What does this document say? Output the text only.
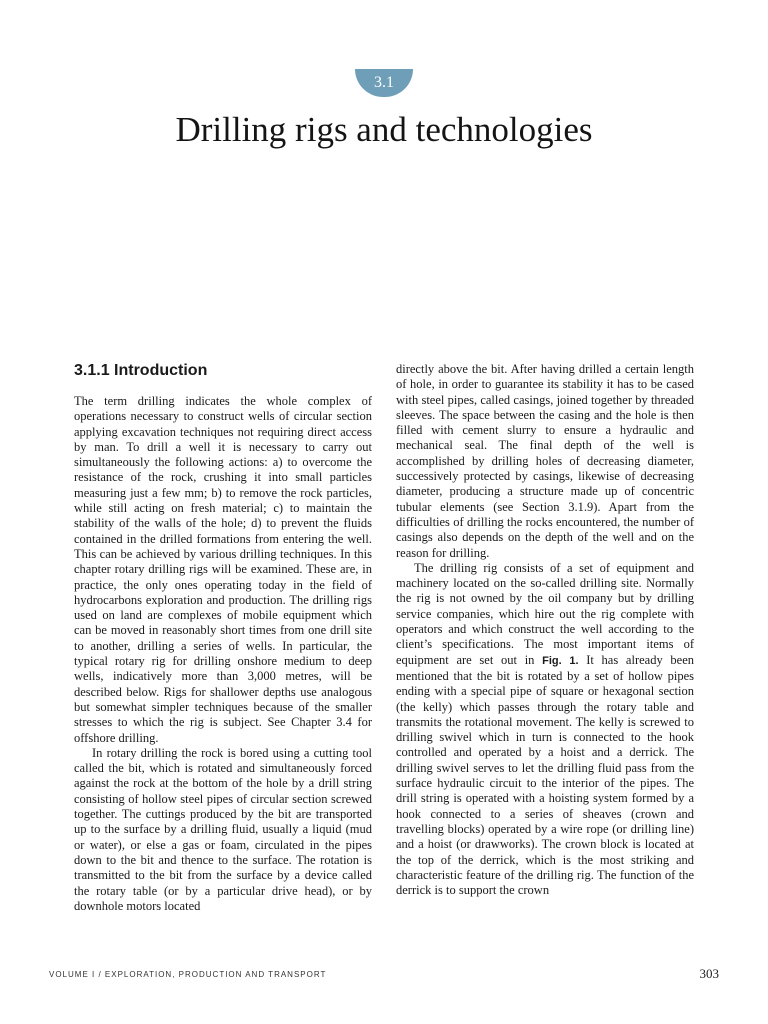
3.1
Drilling rigs and technologies
3.1.1 Introduction

The term drilling indicates the whole complex of operations necessary to construct wells of circular section applying excavation techniques not requiring direct access by man. To drill a well it is necessary to carry out simultaneously the following actions: a) to overcome the resistance of the rock, crushing it into small particles measuring just a few mm; b) to remove the rock particles, while still acting on fresh material; c) to maintain the stability of the walls of the hole; d) to prevent the fluids contained in the drilled formations from entering the well. This can be achieved by various drilling techniques. In this chapter rotary drilling rigs will be examined. These are, in practice, the only ones operating today in the field of hydrocarbons exploration and production. The drilling rigs used on land are complexes of mobile equipment which can be moved in reasonably short times from one drill site to another, drilling a series of wells. In particular, the typical rotary rig for drilling onshore medium to deep wells, indicatively more than 3,000 metres, will be described below. Rigs for shallower depths use analogous but somewhat simpler techniques because of the smaller stresses to which the rig is subject. See Chapter 3.4 for offshore drilling.

In rotary drilling the rock is bored using a cutting tool called the bit, which is rotated and simultaneously forced against the rock at the bottom of the hole by a drill string consisting of hollow steel pipes of circular section screwed together. The cuttings produced by the bit are transported up to the surface by a drilling fluid, usually a liquid (mud or water), or else a gas or foam, circulated in the pipes down to the bit and thence to the surface. The rotation is transmitted to the bit from the surface by a device called the rotary table (or by a particular drive head), or by downhole motors located

directly above the bit. After having drilled a certain length of hole, in order to guarantee its stability it has to be cased with steel pipes, called casings, joined together by threaded sleeves. The space between the casing and the hole is then filled with cement slurry to ensure a hydraulic and mechanical seal. The final depth of the well is accomplished by drilling holes of decreasing diameter, successively protected by casings, likewise of decreasing diameter, producing a structure made up of concentric tubular elements (see Section 3.1.9). Apart from the difficulties of drilling the rocks encountered, the number of casings also depends on the depth of the well and on the reason for drilling.

The drilling rig consists of a set of equipment and machinery located on the so-called drilling site. Normally the rig is not owned by the oil company but by drilling service companies, which hire out the rig complete with operators and which construct the well according to the client’s specifications. The most important items of equipment are set out in Fig. 1. It has already been mentioned that the bit is rotated by a set of hollow pipes ending with a special pipe of square or hexagonal section (the kelly) which passes through the rotary table and transmits the rotational movement. The kelly is screwed to drilling swivel which in turn is connected to the hook controlled and operated by a hoist and a derrick. The drilling swivel serves to let the drilling fluid pass from the surface hydraulic circuit to the interior of the pipes. The drill string is operated with a hoisting system formed by a hook connected to a series of sheaves (crown and travelling blocks) operated by a wire rope (or drilling line) and a hoist (or drawworks). The crown block is located at the top of the derrick, which is the most striking and characteristic feature of the drilling rig. The function of the derrick is to support the crown

VOLUME I / EXPLORATION, PRODUCTION AND TRANSPORT	303
